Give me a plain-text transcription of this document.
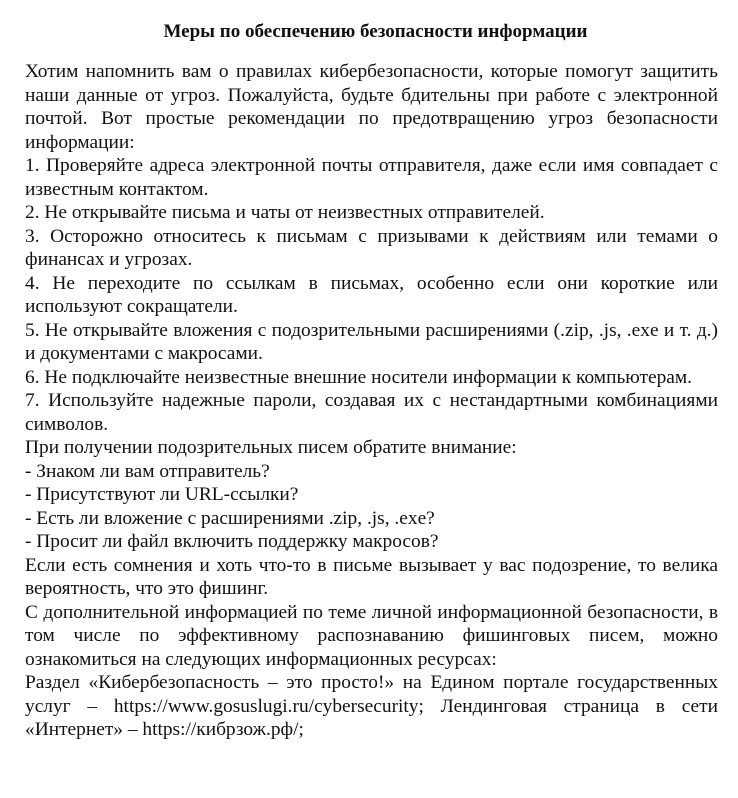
Меры по обеспечению безопасности информации

Хотим напомнить вам о правилах кибербезопасности, которые помогут защитить наши данные от угроз. Пожалуйста, будьте бдительны при работе с электронной почтой. Вот простые рекомендации по предотвращению угроз безопасности информации:

1. Проверяйте адреса электронной почты отправителя, даже если имя совпадает с известным контактом.

2. Не открывайте письма и чаты от неизвестных отправителей.

3. Осторожно относитесь к письмам с призывами к действиям или темами о финансах и угрозах.

4. Не переходите по ссылкам в письмах, особенно если они короткие или используют сокращатели.

5. Не открывайте вложения с подозрительными расширениями (.zip, .js, .exe и т. д.) и документами с макросами.

6. Не подключайте неизвестные внешние носители информации к компьютерам.

7. Используйте надежные пароли, создавая их с нестандартными комбинациями символов.

При получении подозрительных писем обратите внимание:

- Знаком ли вам отправитель?

- Присутствуют ли URL-ссылки?

- Есть ли вложение с расширениями .zip, .js, .exe?

- Просит ли файл включить поддержку макросов?

Если есть сомнения и хоть что-то в письме вызывает у вас подозрение, то велика вероятность, что это фишинг.

С дополнительной информацией по теме личной информационной безопасности, в том числе по эффективному распознаванию фишинговых писем, можно ознакомиться на следующих информационных ресурсах:

Раздел «Кибербезопасность – это просто!» на Едином портале государственных услуг – https://www.gosuslugi.ru/cybersecurity; Лендинговая страница в сети «Интернет» – https://кибрзож.рф/;
